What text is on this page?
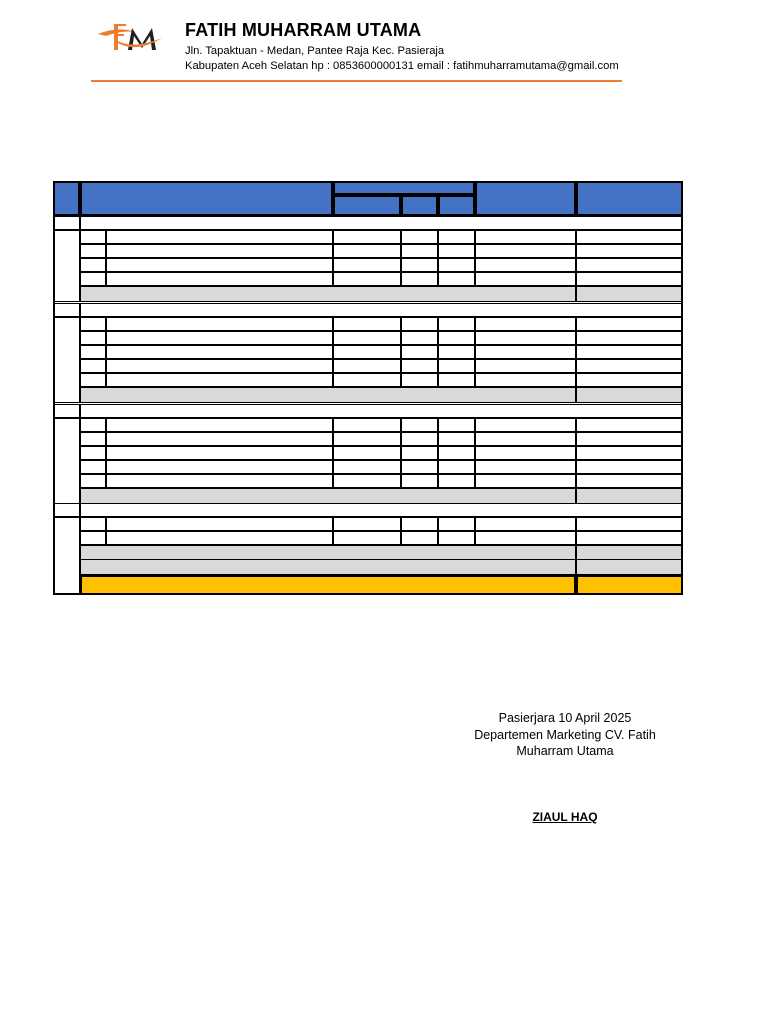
FATIH MUHARRAM UTAMA
Jln. Tapaktuan - Medan, Pantee Raja Kec. Pasieraja
Kabupaten Aceh Selatan hp : 0853600000131 email : fatihmuharramutama@gmail.com
Pasierjara 10 April 2025
Departemen Marketing CV. Fatih
Muharram Utama
ZIAUL HAQ
